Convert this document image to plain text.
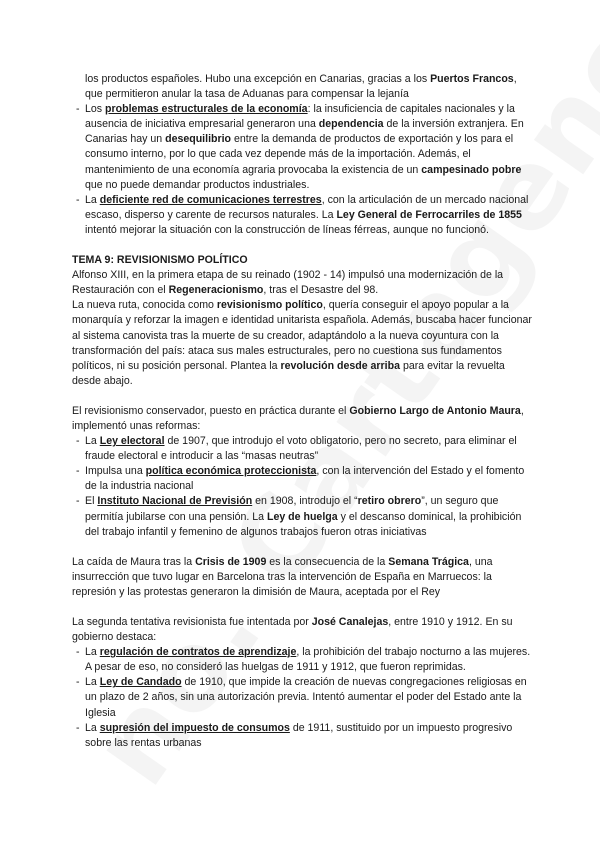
los productos españoles. Hubo una excepción en Canarias, gracias a los Puertos Francos, que permitieron anular la tasa de Aduanas para compensar la lejanía

- Los problemas estructurales de la economía: la insuficiencia de capitales nacionales y la ausencia de iniciativa empresarial generaron una dependencia de la inversión extranjera. En Canarias hay un desequilibrio entre la demanda de productos de exportación y los para el consumo interno, por lo que cada vez depende más de la importación. Además, el mantenimiento de una economía agraria provocaba la existencia de un campesinado pobre que no puede demandar productos industriales.
- La deficiente red de comunicaciones terrestres, con la articulación de un mercado nacional escaso, disperso y carente de recursos naturales. La Ley General de Ferrocarriles de 1855 intentó mejorar la situación con la construcción de líneas férreas, aunque no funcionó.

TEMA 9: REVISIONISMO POLÍTICO

Alfonso XIII, en la primera etapa de su reinado (1902 - 14) impulsó una modernización de la Restauración con el Regeneracionismo, tras el Desastre del 98.

La nueva ruta, conocida como revisionismo político, quería conseguir el apoyo popular a la monarquía y reforzar la imagen e identidad unitarista española. Además, buscaba hacer funcionar al sistema canovista tras la muerte de su creador, adaptándolo a la nueva coyuntura con la transformación del país: ataca sus males estructurales, pero no cuestiona sus fundamentos políticos, ni su posición personal. Plantea la revolución desde arriba para evitar la revuelta desde abajo.

El revisionismo conservador, puesto en práctica durante el Gobierno Largo de Antonio Maura, implementó unas reformas:

- La Ley electoral de 1907, que introdujo el voto obligatorio, pero no secreto, para eliminar el fraude electoral e introducir a las “masas neutras”
- Impulsa una política económica proteccionista, con la intervención del Estado y el fomento de la industria nacional
- El Instituto Nacional de Previsión en 1908, introdujo el “retiro obrero”, un seguro que permitía jubilarse con una pensión. La Ley de huelga y el descanso dominical, la prohibición del trabajo infantil y femenino de algunos trabajos fueron otras iniciativas

La caída de Maura tras la Crisis de 1909 es la consecuencia de la Semana Trágica, una insurrección que tuvo lugar en Barcelona tras la intervención de España en Marruecos: la represión y las protestas generaron la dimisión de Maura, aceptada por el Rey

La segunda tentativa revisionista fue intentada por José Canalejas, entre 1910 y 1912. En su gobierno destaca:

- La regulación de contratos de aprendizaje, la prohibición del trabajo nocturno a las mujeres. A pesar de eso, no consideró las huelgas de 1911 y 1912, que fueron reprimidas.
- La Ley de Candado de 1910, que impide la creación de nuevas congregaciones religiosas en un plazo de 2 años, sin una autorización previa. Intentó aumentar el poder del Estado ante la Iglesia
- La supresión del impuesto de consumos de 1911, sustituido por un impuesto progresivo sobre las rentas urbanas
